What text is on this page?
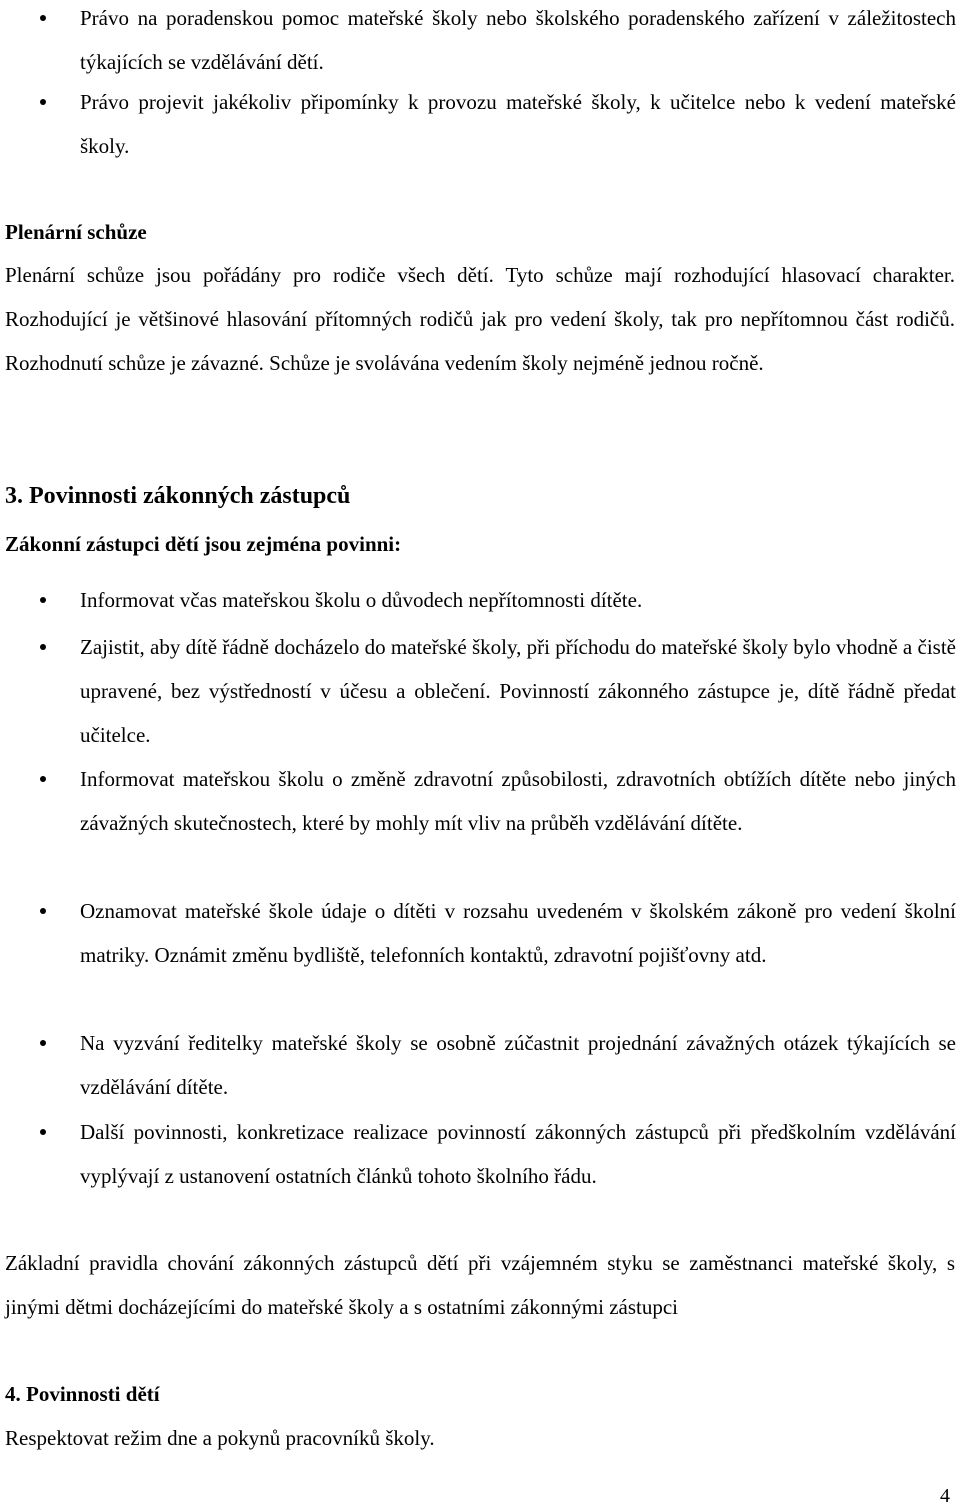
Právo na poradenskou pomoc mateřské školy nebo školského poradenského zařízení v záležitostech týkajících se vzdělávání dětí.
Právo projevit jakékoliv připomínky k provozu mateřské školy, k učitelce nebo k vedení mateřské školy.
Plenární schůze
Plenární schůze jsou pořádány pro rodiče všech dětí. Tyto schůze mají rozhodující hlasovací charakter. Rozhodující je většinové hlasování přítomných rodičů jak pro vedení školy, tak pro nepřítomnou část rodičů. Rozhodnutí schůze je závazné. Schůze je svolávána vedením školy nejméně jednou ročně.
3. Povinnosti zákonných zástupců
Zákonní zástupci dětí jsou zejména povinni:
Informovat včas mateřskou školu o důvodech nepřítomnosti dítěte.
Zajistit, aby dítě řádně docházelo do mateřské školy, při příchodu do mateřské školy bylo vhodně a čistě upravené, bez výstředností v účesu a oblečení. Povinností zákonného zástupce je, dítě řádně předat učitelce.
Informovat mateřskou školu o změně zdravotní způsobilosti, zdravotních obtížích dítěte nebo jiných závažných skutečnostech, které by mohly mít vliv na průběh vzdělávání dítěte.
Oznamovat mateřské škole údaje o dítěti v rozsahu uvedeném v školském zákoně pro vedení školní matriky. Oznámit změnu bydliště, telefonních kontaktů, zdravotní pojišťovny atd.
Na vyzvání ředitelky mateřské školy se osobně zúčastnit projednání závažných otázek týkajících se vzdělávání dítěte.
Další povinnosti, konkretizace realizace povinností zákonných zástupců při předškolním vzdělávání vyplývají z ustanovení ostatních článků tohoto školního řádu.
Základní pravidla chování zákonných zástupců dětí při vzájemném styku se zaměstnanci mateřské školy, s jinými dětmi docházejícími do mateřské školy a s ostatními zákonnými zástupci
4. Povinnosti dětí
Respektovat režim dne a pokynů pracovníků školy.
4
